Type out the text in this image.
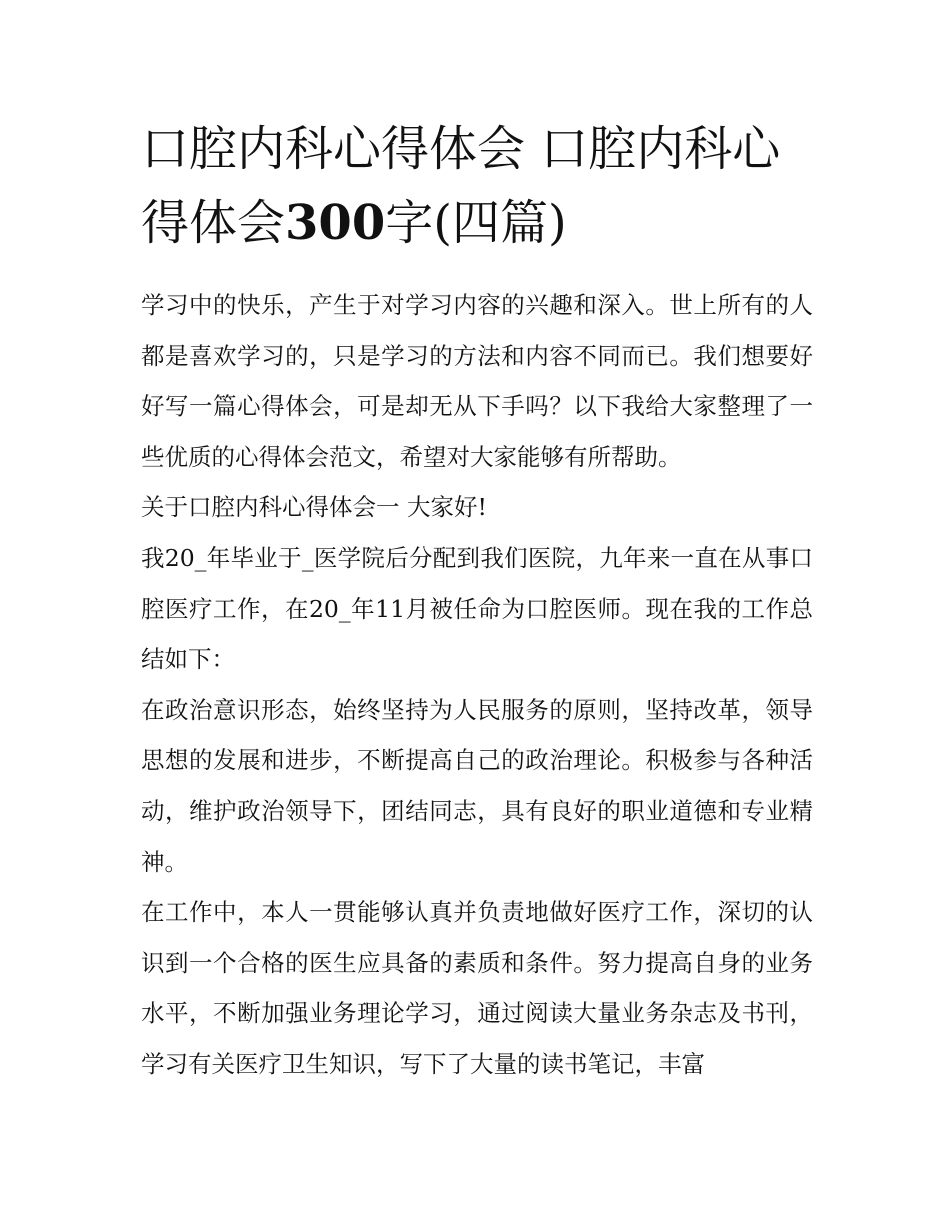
口腔内科心得体会 口腔内科心得体会300字(四篇)

学习中的快乐，产生于对学习内容的兴趣和深入。世上所有的人都是喜欢学习的，只是学习的方法和内容不同而已。我们想要好好写一篇心得体会，可是却无从下手吗？以下我给大家整理了一些优质的心得体会范文，希望对大家能够有所帮助。

关于口腔内科心得体会一 大家好!

我20_年毕业于_医学院后分配到我们医院，九年来一直在从事口腔医疗工作，在20_年11月被任命为口腔医师。现在我的工作总结如下：

在政治意识形态，始终坚持为人民服务的原则，坚持改革，领导思想的发展和进步，不断提高自己的政治理论。积极参与各种活动，维护政治领导下，团结同志，具有良好的职业道德和专业精神。

在工作中，本人一贯能够认真并负责地做好医疗工作，深切的认识到一个合格的医生应具备的素质和条件。努力提高自身的业务水平，不断加强业务理论学习，通过阅读大量业务杂志及书刊，学习有关医疗卫生知识，写下了大量的读书笔记，丰富
